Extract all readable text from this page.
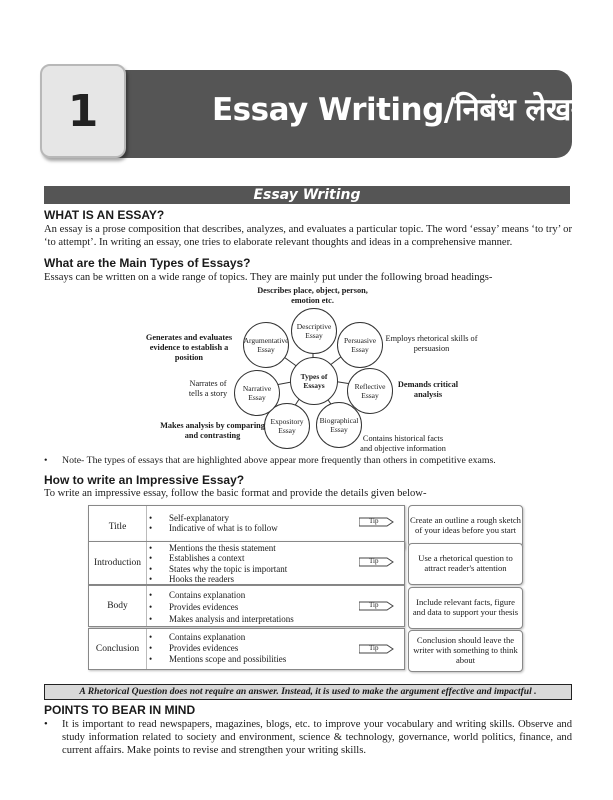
Essay Writing/निबंध लेखन
1
Essay Writing
WHAT IS AN ESSAY?
An essay is a prose composition that describes, analyzes, and evaluates a particular topic. The word ‘essay’ means ‘to try’ or ‘to attempt’. In writing an essay, one tries to elaborate relevant thoughts and ideas in a comprehensive manner.
What are the Main Types of Essays?
Essays can be written on a wide range of topics. They are mainly put under the following broad headings-
Types of Essays
Descriptive Essay
Persuasive Essay
Reflective Essay
Biographical Essay
Expository Essay
Narrative Essay
Argumentative Essay
Describes place, object, person, emotion etc.
Employs rhetorical skills of persuasion
Demands critical analysis
Contains historical facts and objective information
Makes analysis by comparing and contrasting
Narrates of tells a story
Generates and evaluates evidence to establish a position
• Note- The types of essays that are highlighted above appear more frequently than others in competitive exams.
How to write an Impressive Essay?
To write an impressive essay, follow the basic format and provide the details given below-
Title
• Self-explanatory
• Indicative of what is to follow
Tip	Create an outline a rough sketch of your ideas before you start
Introduction
• Mentions the thesis statement
• Establishes a context
• States why the topic is important
• Hooks the readers
Tip	Use a rhetorical question to attract reader's attention
Body
• Contains explanation
• Provides evidences
• Makes analysis and interpretations
Tip	Include relevant facts, figure and data to support your thesis
Conclusion
• Contains explanation
• Provides evidences
• Mentions scope and possibilities
Tip
Conclusion should leave the writer with something to think about
A Rhetorical Question does not require an answer. Instead, it is used to make the argument effective and impactful .
POINTS TO BEAR IN MIND
•	It is important to read newspapers, magazines, blogs, etc. to improve your vocabulary and writing skills. Observe and study information related to society and environment, science & technology, governance, world politics, finance, and current affairs. Make points to revise and strengthen your writing skills.
